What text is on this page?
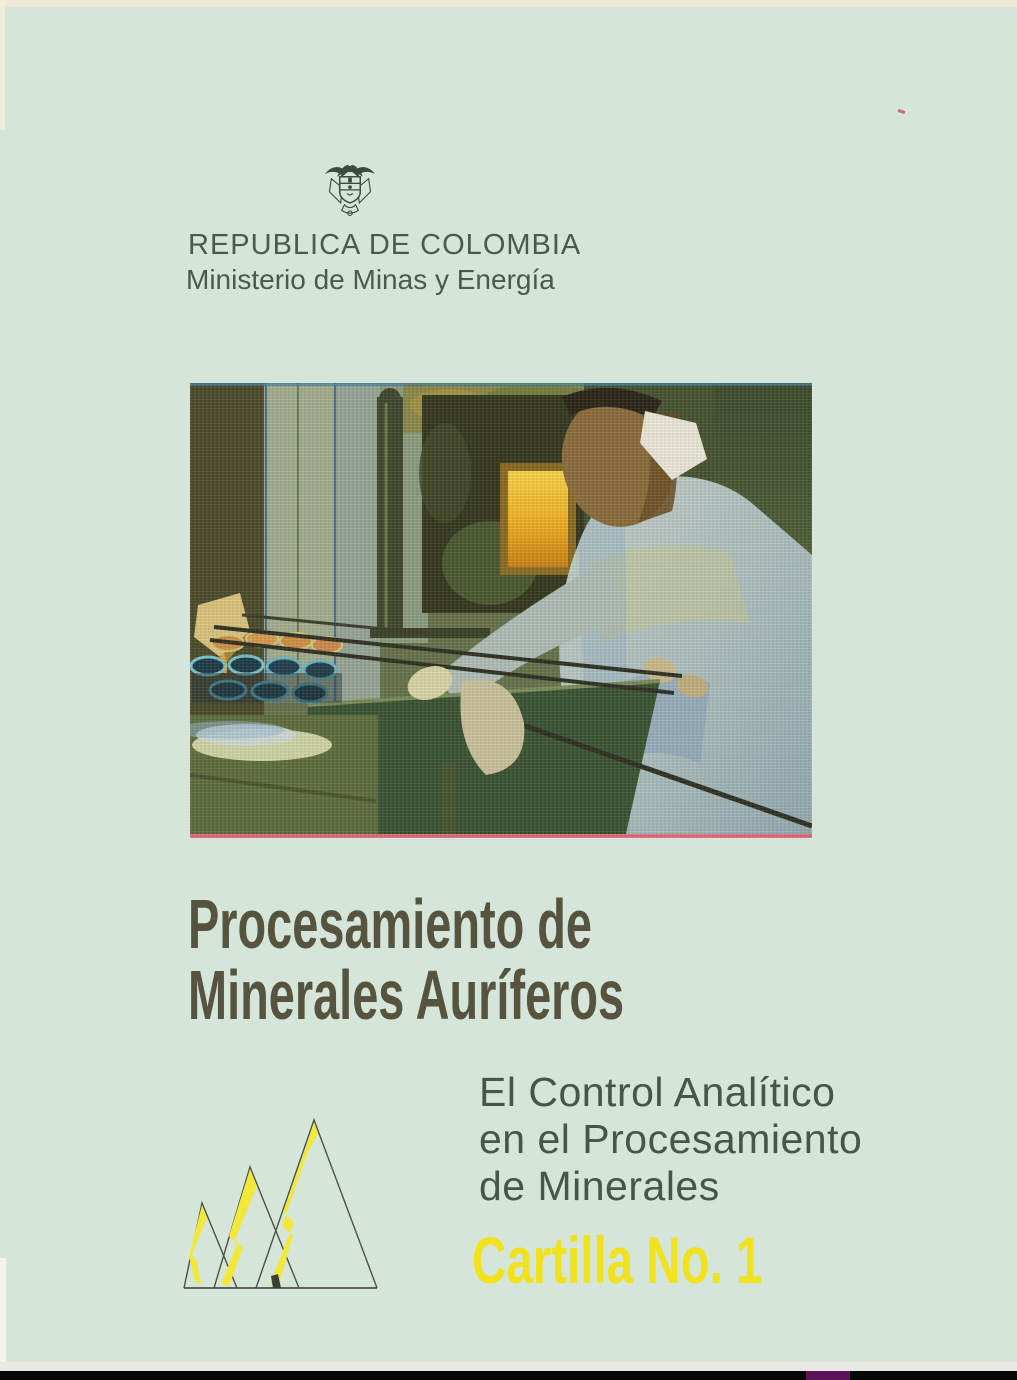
REPUBLICA DE COLOMBIA
Ministerio de Minas y Energía
Procesamiento de
Minerales Auríferos
El Control Analítico
en el Procesamiento
de Minerales
Cartilla No. 1
